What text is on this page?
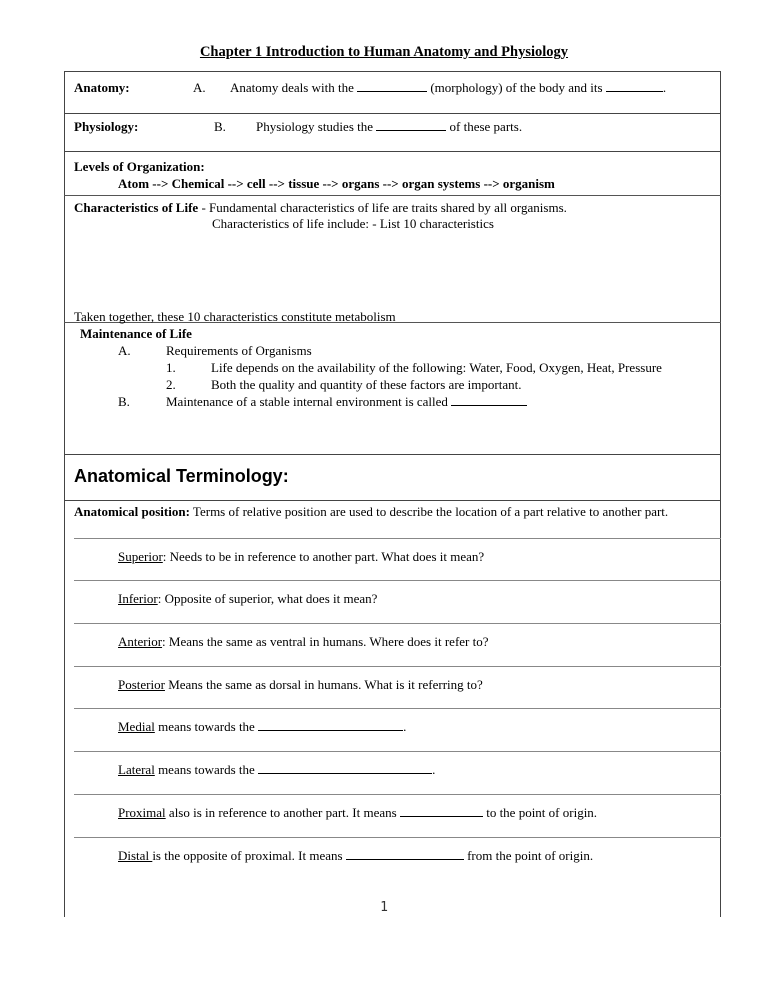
Chapter 1 Introduction to Human Anatomy and Physiology
Anatomy:	A. Anatomy deals with the	(morphology) of the body and its	.
Physiology:	B. Physiology studies the	of these parts.
Levels of Organization:
Atom --> Chemical --> cell --> tissue --> organs --> organ systems --> organism
Characteristics of Life - Fundamental characteristics of life are traits shared by all organisms.
Characteristics of life include: - List 10 characteristics
Taken together, these 10 characteristics constitute metabolism
Maintenance of Life
A.	Requirements of Organisms
1.	Life depends on the availability of the following: Water, Food, Oxygen, Heat, Pressure
2.	Both the quality and quantity of these factors are important.
B.	Maintenance of a stable internal environment is called
Anatomical Terminology:
Anatomical position: Terms of relative position are used to describe the location of a part relative to another part.
Superior: Needs to be in reference to another part. What does it mean?
Inferior: Opposite of superior, what does it mean?
Anterior: Means the same as ventral in humans. Where does it refer to?
Posterior Means the same as dorsal in humans. What is it referring to?
Medial means towards the	.
Lateral means towards the	.
Proximal also is in reference to another part. It means	to the point of origin.
Distal is the opposite of proximal. It means	from the point of origin.
1
